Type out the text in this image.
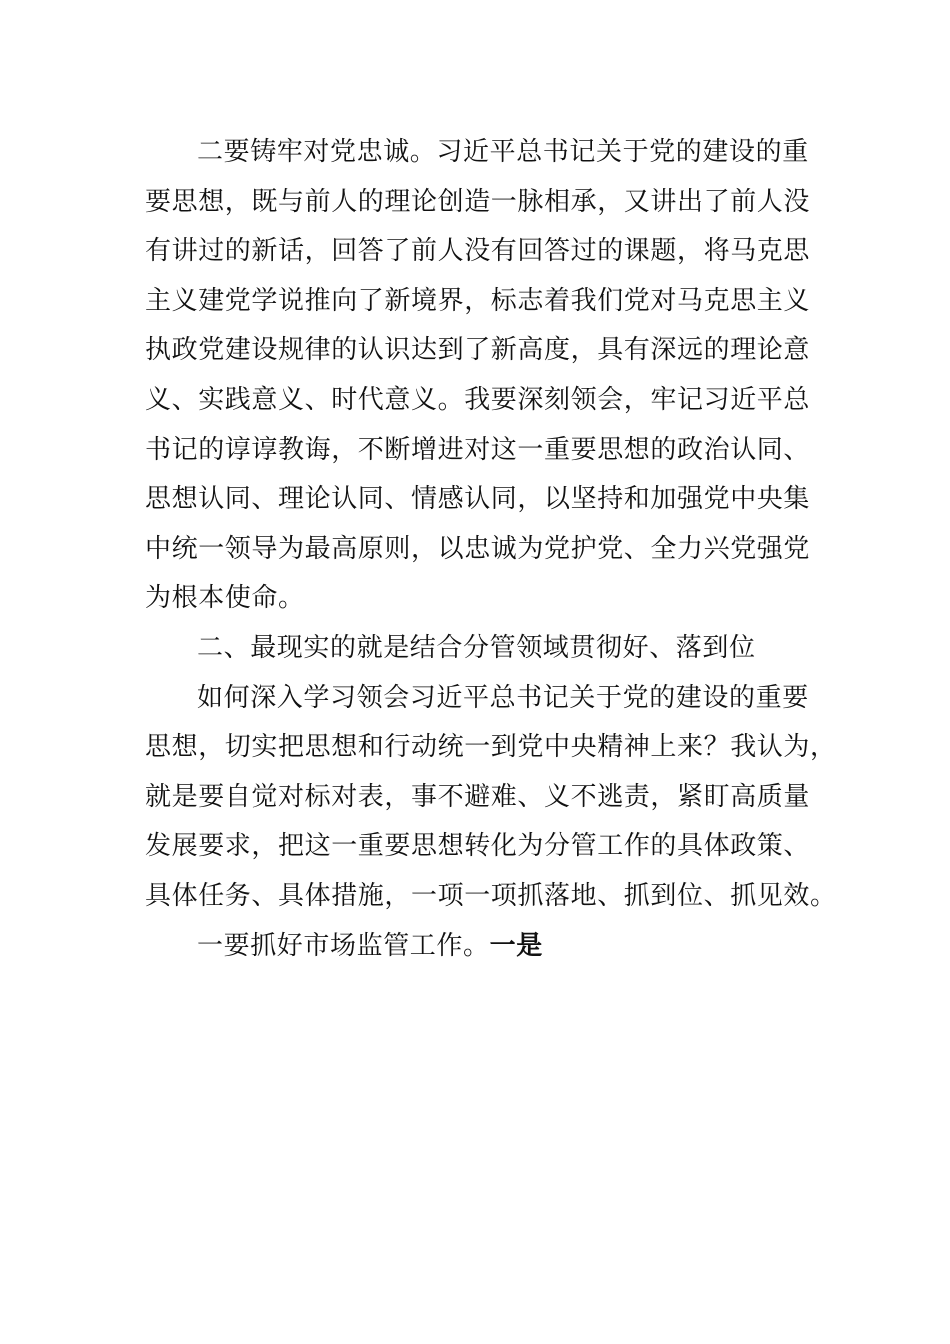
二要铸牢对党忠诚。习近平总书记关于党的建设的重
要思想，既与前人的理论创造一脉相承，又讲出了前人没
有讲过的新话，回答了前人没有回答过的课题，将马克思
主义建党学说推向了新境界，标志着我们党对马克思主义
执政党建设规律的认识达到了新高度，具有深远的理论意
义、实践意义、时代意义。我要深刻领会，牢记习近平总
书记的谆谆教诲，不断增进对这一重要思想的政治认同、
思想认同、理论认同、情感认同，以坚持和加强党中央集
中统一领导为最高原则，以忠诚为党护党、全力兴党强党
为根本使命。

二、最现实的就是结合分管领域贯彻好、落到位

如何深入学习领会习近平总书记关于党的建设的重要
思想，切实把思想和行动统一到党中央精神上来？我认为，
就是要自觉对标对表，事不避难、义不逃责，紧盯高质量
发展要求，把这一重要思想转化为分管工作的具体政策、
具体任务、具体措施，一项一项抓落地、抓到位、抓见效。

一要抓好市场监管工作。一是
